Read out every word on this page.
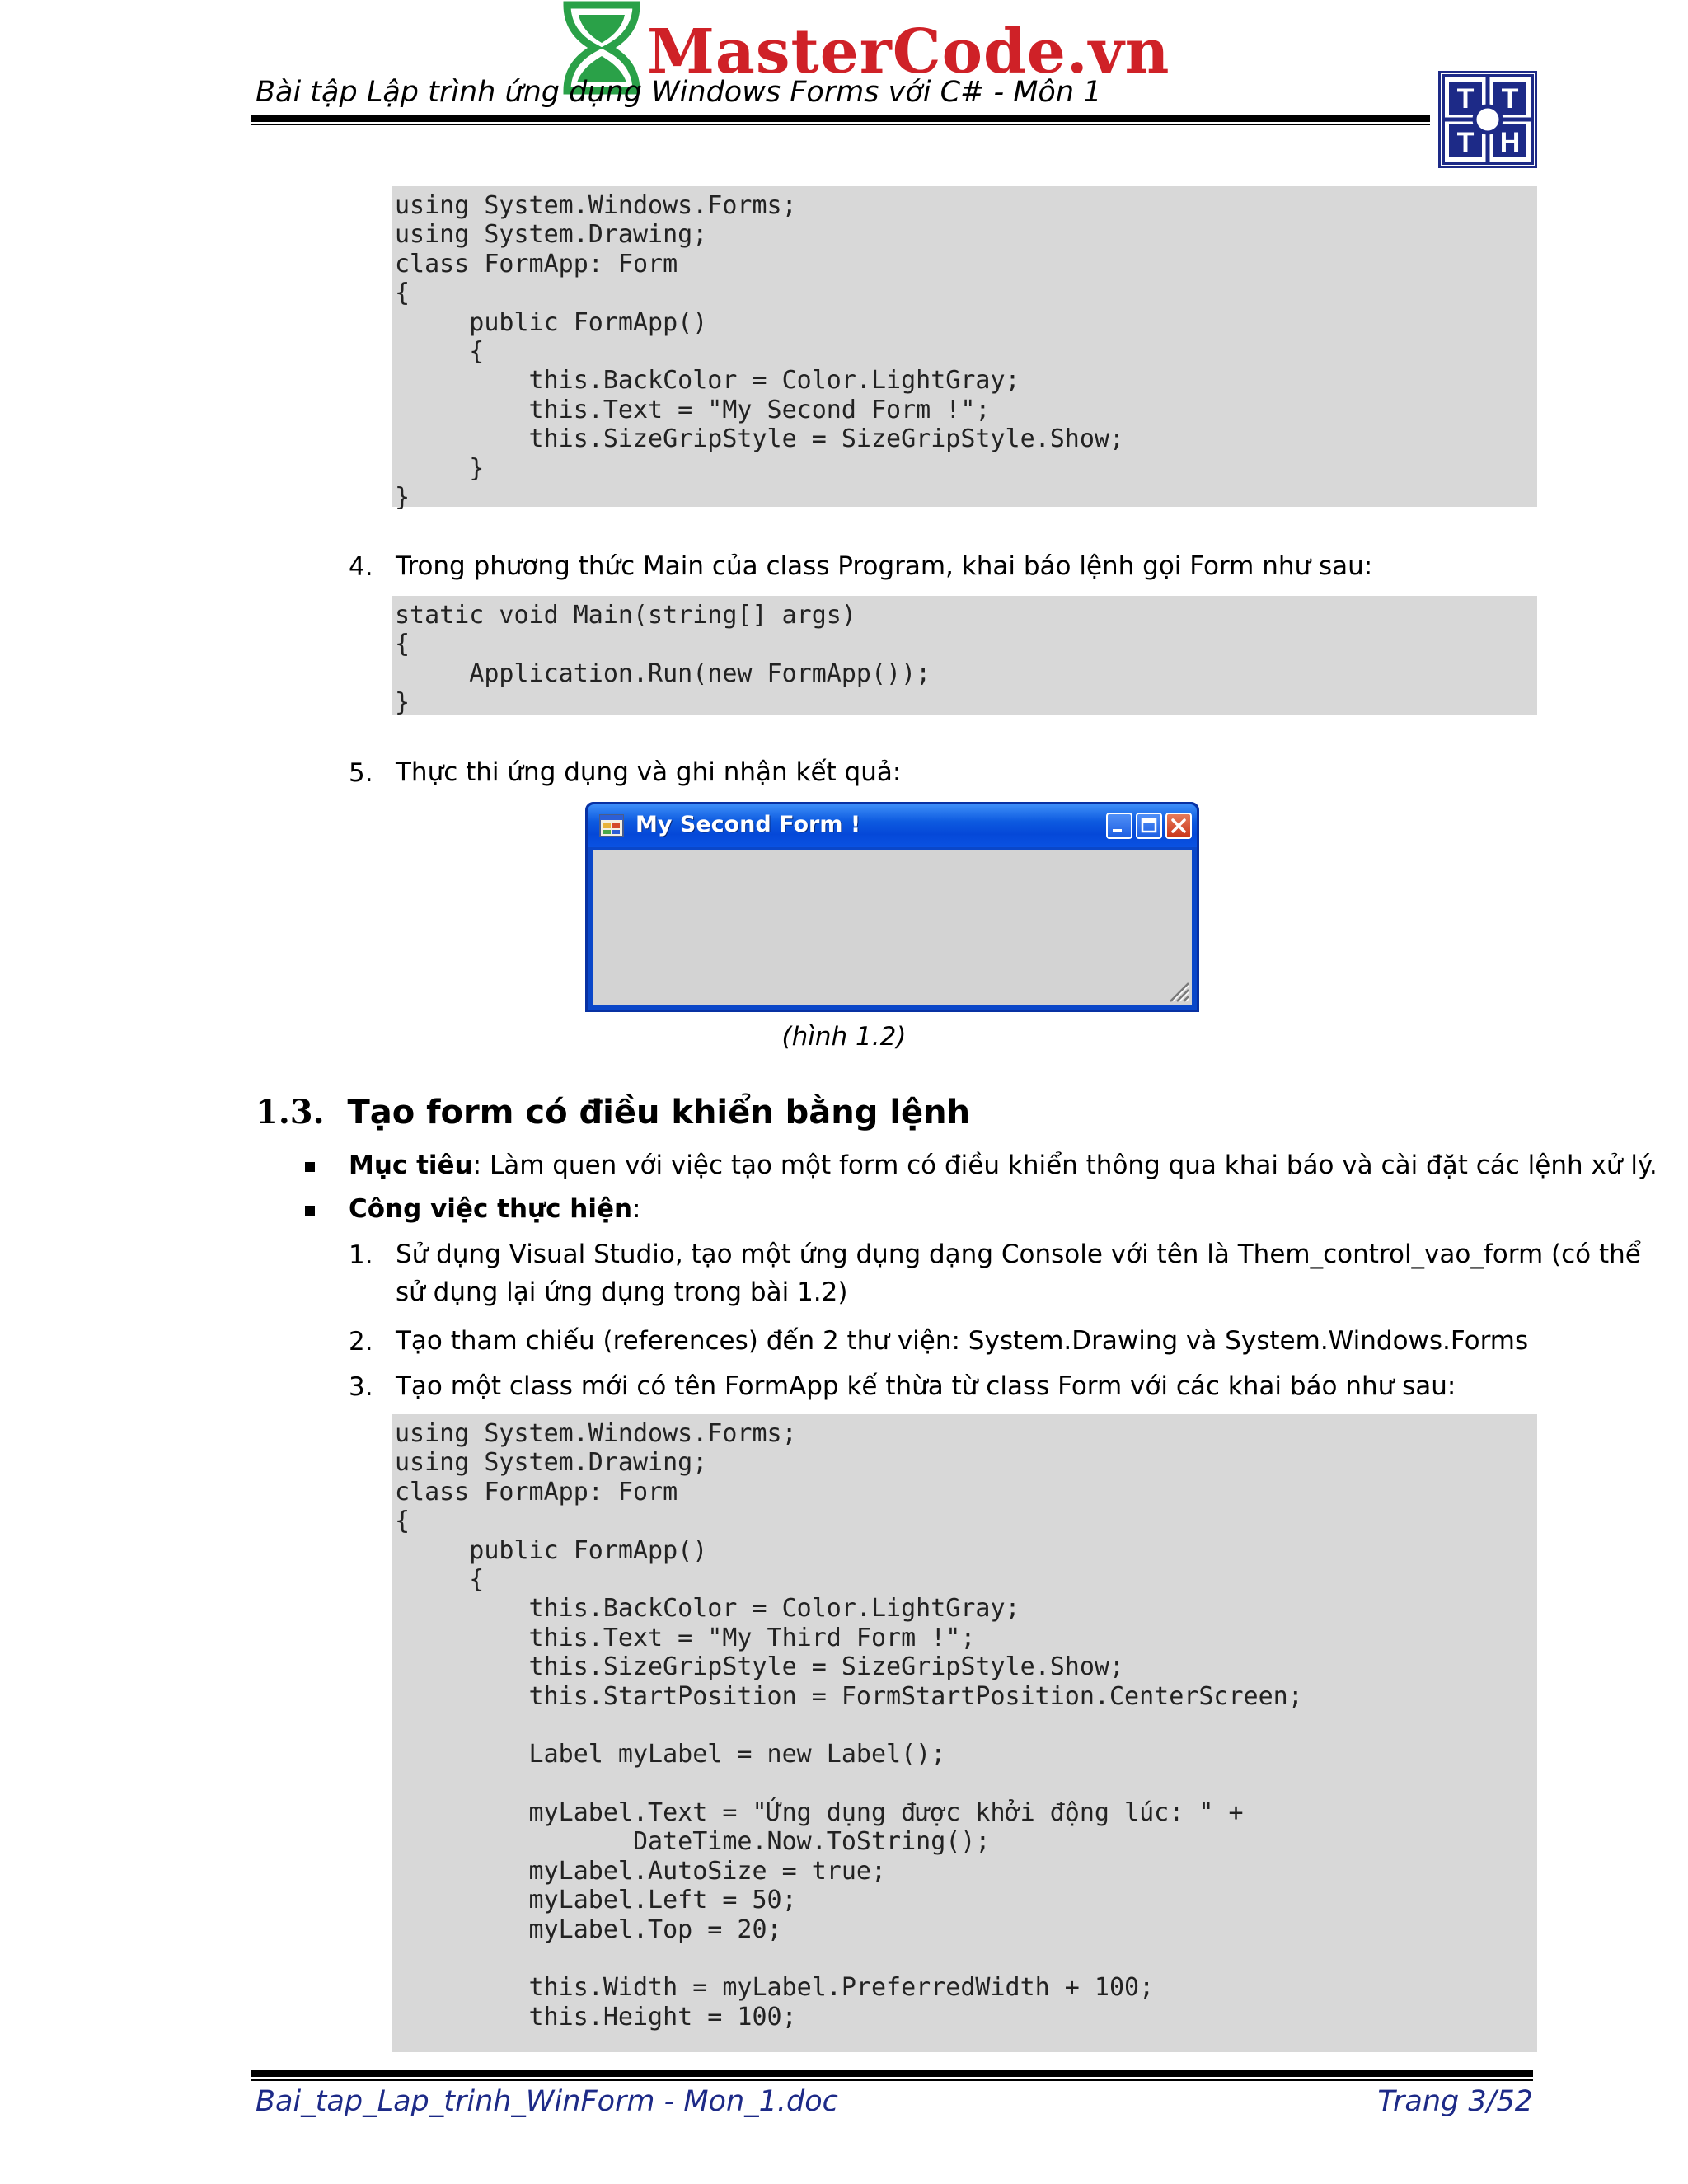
MasterCode.vn
Bài tập Lập trình ứng dụng Windows Forms với C# - Môn 1	T T
T H
using System.Windows.Forms;
using System.Drawing;
class FormApp: Form
{
public FormApp()
{
this.BackColor = Color.LightGray;
this.Text = "My Second Form !";
this.SizeGripStyle = SizeGripStyle.Show;
}
}
4. Trong phương thức Main của class Program, khai báo lệnh gọi Form như sau:
static void Main(string[] args)
{
Application.Run(new FormApp());
}
5. Thực thi ứng dụng và ghi nhận kết quả:
My Second Form !
(hình 1.2)
1.3. Tạo form có điều khiển bằng lệnh
Mục tiêu: Làm quen với việc tạo một form có điều khiển thông qua khai báo và cài đặt các lệnh xử lý.
Công việc thực hiện:
1. Sử dụng Visual Studio, tạo một ứng dụng dạng Console với tên là Them_control_vao_form (có thể
sử dụng lại ứng dụng trong bài 1.2)
2. Tạo tham chiếu (references) đến 2 thư viện: System.Drawing và System.Windows.Forms
3. Tạo một class mới có tên FormApp kế thừa từ class Form với các khai báo như sau:
using System.Windows.Forms;
using System.Drawing;
class FormApp: Form
{
public FormApp()
{
this.BackColor = Color.LightGray;
this.Text = "My Third Form !";
this.SizeGripStyle = SizeGripStyle.Show;
this.StartPosition = FormStartPosition.CenterScreen;
Label myLabel = new Label();
myLabel.Text = "Ứng dụng được khởi động lúc: " +
DateTime.Now.ToString();
myLabel.AutoSize = true;
myLabel.Left = 50;
myLabel.Top = 20;
this.Width = myLabel.PreferredWidth + 100;
this.Height = 100;
Bai_tap_Lap_trinh_WinForm - Mon_1.doc	Trang 3/52
